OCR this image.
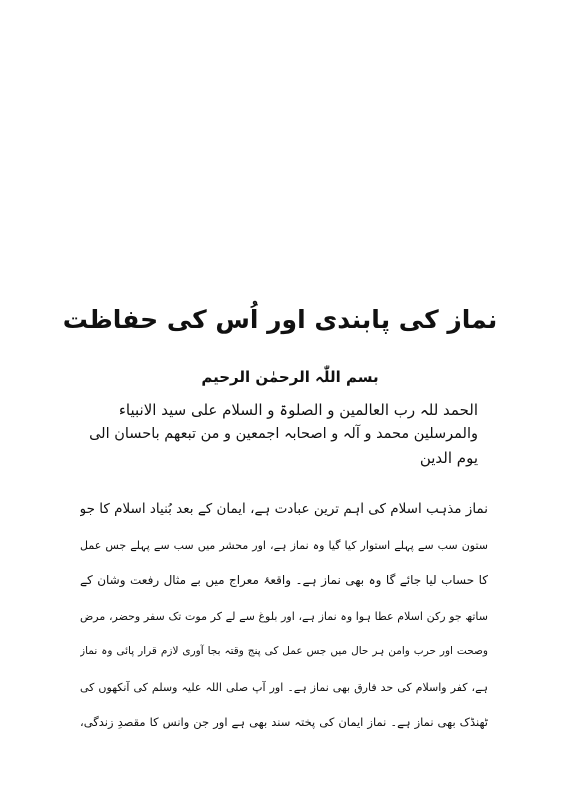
نماز کی پابندی اور اُس کی حفاظت
بسم اللّٰہ الرحمٰن الرحیم
الحمد للہ رب العالمین و الصلوۃ و السلام علی سید الانبیاء
والمرسلین محمد و آلہ و اصحابہ اجمعین و من تبعھم باحسان الی
یوم الدین
نماز مذہب اسلام کی اہم ترین عبادت ہے، ایمان کے بعد بُنیاد اسلام کا جو
ستون سب سے پہلے استوار کیا گیا وہ نماز ہے، اور محشر میں سب سے پہلے جس عمل
کا حساب لیا جائے گا وہ بھی نماز ہے۔ واقعۂ معراج میں بے مثال رفعت وشان کے
ساتھ جو رکن اسلام عطا ہوا وہ نماز ہے، اور بلوغ سے لے کر موت تک سفر وحضر، مرض
وصحت اور حرب وامن ہر حال میں جس عمل کی پنج وقتہ بجا آوری لازم قرار پائی وہ نماز
ہے، کفر واسلام کی حد فارق بھی نماز ہے۔ اور آپ صلی اللہ علیہ وسلم کی آنکھوں کی
ٹھنڈک بھی نماز ہے۔ نماز ایمان کی پختہ سند بھی ہے اور جن وانس کا مقصدِ زندگی،
